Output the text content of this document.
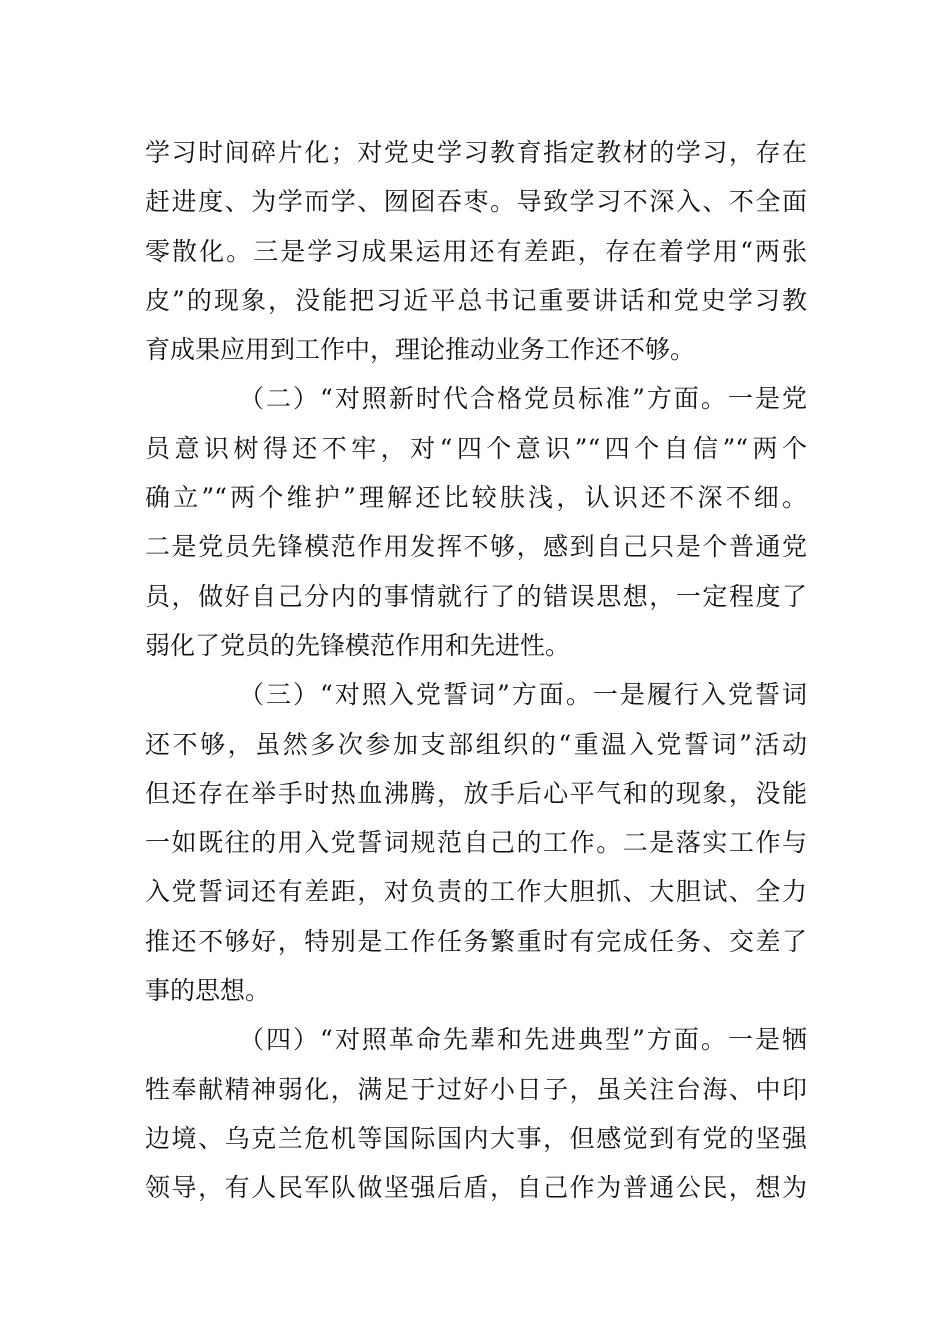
学习时间碎片化；对党史学习教育指定教材的学习，存在
赶进度、为学而学、囫囵吞枣。导致学习不深入、不全面
零散化。三是学习成果运用还有差距，存在着学用“两张
皮”的现象，没能把习近平总书记重要讲话和党史学习教
育成果应用到工作中，理论推动业务工作还不够。
（二）“对照新时代合格党员标准”方面。一是党
员意识树得还不牢，对“四个意识”“四个自信”“两个
确立”“两个维护”理解还比较肤浅，认识还不深不细。
二是党员先锋模范作用发挥不够，感到自己只是个普通党
员，做好自己分内的事情就行了的错误思想，一定程度了
弱化了党员的先锋模范作用和先进性。
（三）“对照入党誓词”方面。一是履行入党誓词
还不够，虽然多次参加支部组织的“重温入党誓词”活动
但还存在举手时热血沸腾，放手后心平气和的现象，没能
一如既往的用入党誓词规范自己的工作。二是落实工作与
入党誓词还有差距，对负责的工作大胆抓、大胆试、全力
推还不够好，特别是工作任务繁重时有完成任务、交差了
事的思想。
（四）“对照革命先辈和先进典型”方面。一是牺
牲奉献精神弱化，满足于过好小日子，虽关注台海、中印
边境、乌克兰危机等国际国内大事，但感觉到有党的坚强
领导，有人民军队做坚强后盾，自己作为普通公民，想为
